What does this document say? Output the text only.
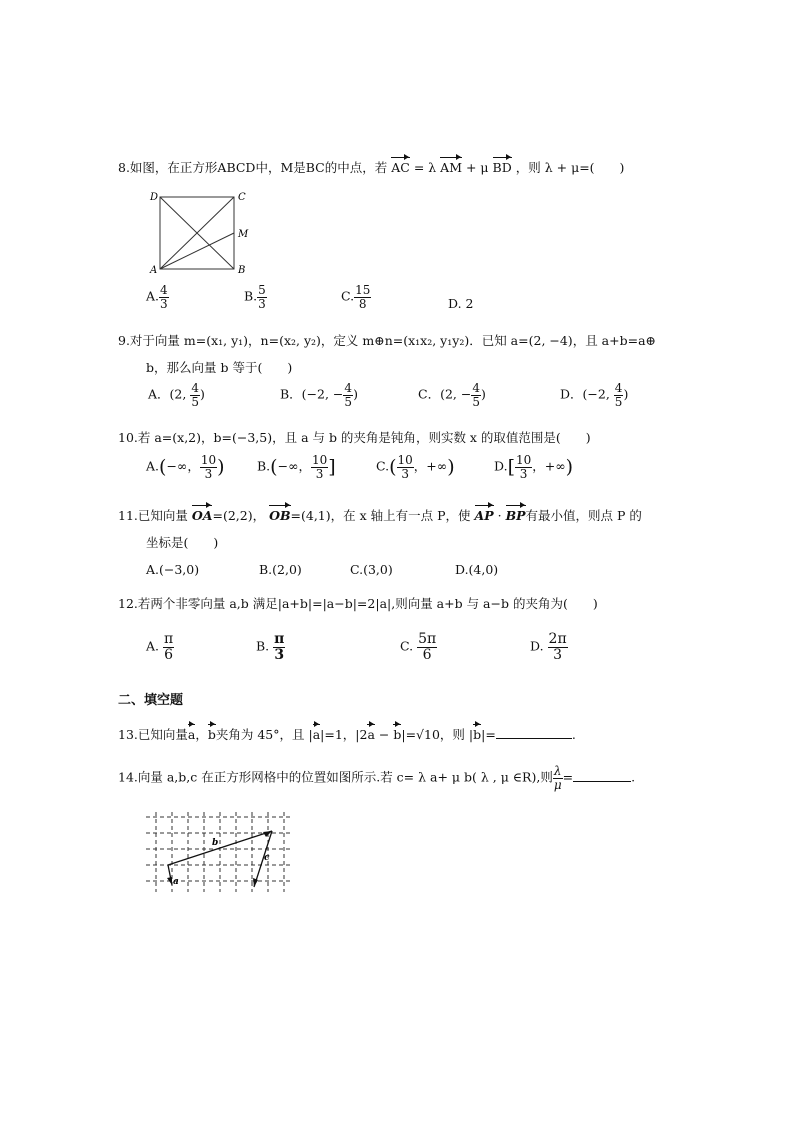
8.如图，在正方形ABCD中，M是BC的中点，若 AC = λ AM + μ BD ，则 λ + μ=(　　)
D	C
M
A	B
A. $\frac{4}{3}$	B. $\frac{5}{3}$	C. $\frac{15}{8}$	D. 2
9.对于向量 m=(x₁, y₁)，n=(x₂, y₂)，定义 m⊕n=(x₁x₂, y₁y₂)．已知 a=(2, −4)，且 a+b=a⊕
b，那么向量 b 等于(　　)
A．(2, $\frac{4}{5}$ )	B．(−2, − $\frac{4}{5}$ )	C．(2, − $\frac{4}{5}$ )	D．(−2, $\frac{4}{5}$ )
10.若 a=(x,2)，b=(−3,5)，且 a 与 b 的夹角是钝角，则实数 x 的取值范围是(　　)
A.(−∞， $\frac{10}{3}$ )	B.(−∞， $\frac{10}{3}$ ]	$C.( \frac{10}{3}$ ，+∞)	$D.[ \frac{10}{3}$ ，+∞)
11.已知向量 OA=(2,2)， OB=(4,1)，在 x 轴上有一点 P，使 AP · BP有最小值，则点 P 的
坐标是(　　)
A.(−3,0)	B.(2,0)	C.(3,0)	D.(4,0)
12.若两个非零向量 a,b 满足|a+b|=|a−b|=2|a|,则向量 a+b 与 a−b 的夹角为(　　)
A. $\frac{\pi}{6}$	B. $\frac{\pi}{3}$	C. $\frac{5\pi}{6}$	D. $\frac{2\pi}{3}$
二、填空题
13.已知向量a，b夹角为 45°，且 |a|=1，|2a − b|=√10，则 |b|=	.
14.向量 a,b,c 在正方形网格中的位置如图所示.若 c= λ a+ μ b( λ , μ ∈R),则 $\frac{\lambda}{\mu}$ =	.
a
b
c
